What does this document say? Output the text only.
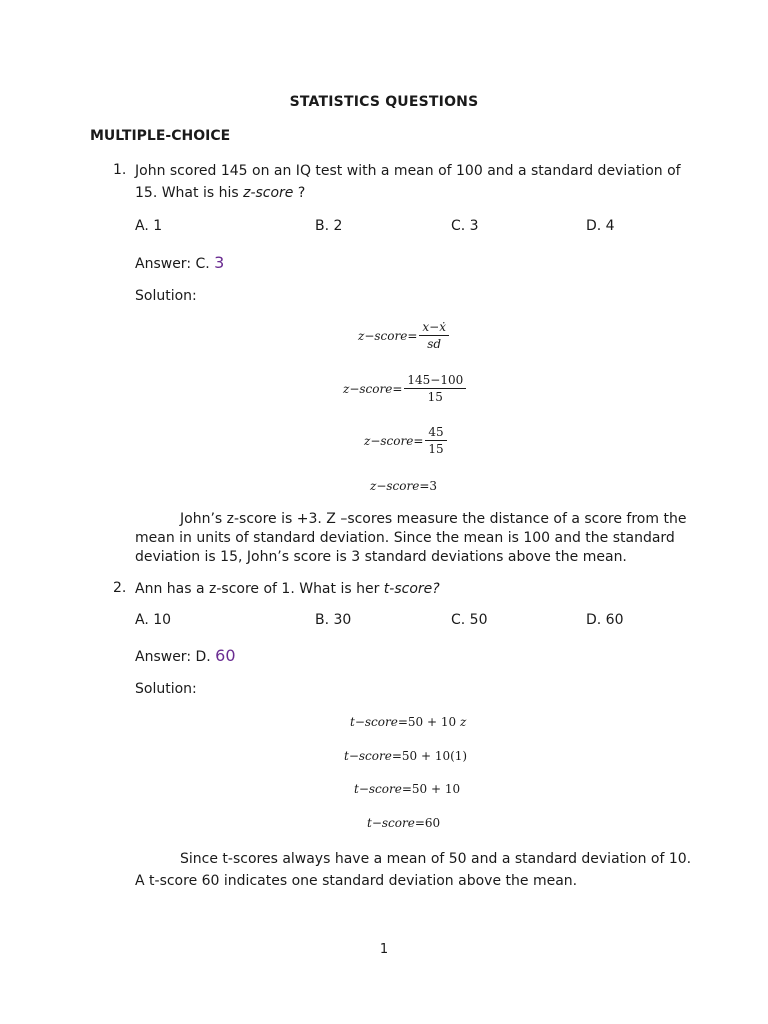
STATISTICS QUESTIONS
MULTIPLE-CHOICE
1. John scored 145 on an IQ test with a mean of 100 and a standard deviation of
15. What is his z-score ?
A. 1	B. 2	C. 3	D. 4
Answer: C. 3
Solution:
z−score= $\frac{\text{x−ẋ}}{sd}$
z−score= $\frac{145-100}{15}$
z−score= $\frac{45}{15}$
z−score= 3
John’s z-score is +3. Z –scores measure the distance of a score from the
mean in units of standard deviation. Since the mean is 100 and the standard
deviation is 15, John’s score is 3 standard deviations above the mean.
2. Ann has a z-score of 1. What is her t-score?
A. 10	B. 30	C. 50	D. 60
Answer: D. 60
Solution:
t−score= 50 + 10
z
t−score= 50 + 10(1)
t−score= 50 + 10
t−score= 60
Since t-scores always have a mean of 50 and a standard deviation of 10.
A t-score 60 indicates one standard deviation above the mean.
1
